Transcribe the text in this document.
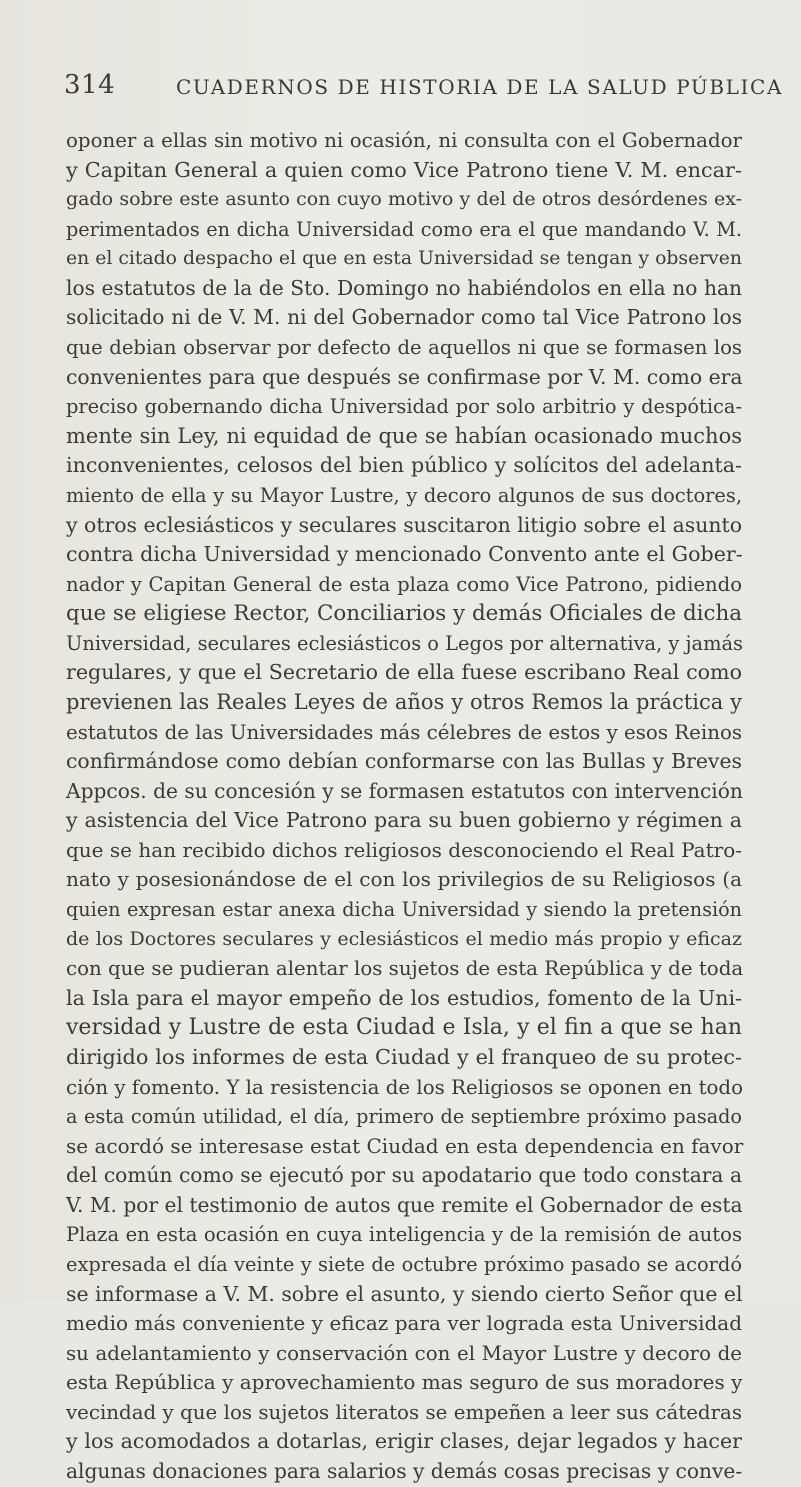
314	CUADERNOS DE HISTORIA DE LA SALUD PÚBLICA
oponer a ellas sin motivo ni ocasión, ni consulta con el Gobernador
y Capitan General a quien como Vice Patrono tiene V. M. encar-
gado sobre este asunto con cuyo motivo y del de otros desórdenes ex-
perimentados en dicha Universidad como era el que mandando V. M.
en el citado despacho el que en esta Universidad se tengan y observen
los estatutos de la de Sto. Domingo no habiéndolos en ella no han
solicitado ni de V. M. ni del Gobernador como tal Vice Patrono los
que debian observar por defecto de aquellos ni que se formasen los
convenientes para que después se confirmase por V. M. como era
preciso gobernando dicha Universidad por solo arbitrio y despótica-
mente sin Ley, ni equidad de que se habían ocasionado muchos
inconvenientes, celosos del bien público y solícitos del adelanta-
miento de ella y su Mayor Lustre, y decoro algunos de sus doctores,
y otros eclesiásticos y seculares suscitaron litigio sobre el asunto
contra dicha Universidad y mencionado Convento ante el Gober-
nador y Capitan General de esta plaza como Vice Patrono, pidiendo
que se eligiese Rector, Conciliarios y demás Oficiales de dicha
Universidad, seculares eclesiásticos o Legos por alternativa, y jamás
regulares, y que el Secretario de ella fuese escribano Real como
previenen las Reales Leyes de años y otros Remos la práctica y
estatutos de las Universidades más célebres de estos y esos Reinos
confirmándose como debían conformarse con las Bullas y Breves
Appcos. de su concesión y se formasen estatutos con intervención
y asistencia del Vice Patrono para su buen gobierno y régimen a
que se han recibido dichos religiosos desconociendo el Real Patro-
nato y posesionándose de el con los privilegios de su Religiosos (a
quien expresan estar anexa dicha Universidad y siendo la pretensión
de los Doctores seculares y eclesiásticos el medio más propio y eficaz
con que se pudieran alentar los sujetos de esta República y de toda
la Isla para el mayor empeño de los estudios, fomento de la Uni-
versidad y Lustre de esta Ciudad e Isla, y el fin a que se han
dirigido los informes de esta Ciudad y el franqueo de su protec-
ción y fomento. Y la resistencia de los Religiosos se oponen en todo
a esta común utilidad, el día, primero de septiembre próximo pasado
se acordó se interesase estat Ciudad en esta dependencia en favor
del común como se ejecutó por su apodatario que todo constara a
V. M. por el testimonio de autos que remite el Gobernador de esta
Plaza en esta ocasión en cuya inteligencia y de la remisión de autos
expresada el día veinte y siete de octubre próximo pasado se acordó
se informase a V. M. sobre el asunto, y siendo cierto Señor que el
medio más conveniente y eficaz para ver lograda esta Universidad
su adelantamiento y conservación con el Mayor Lustre y decoro de
esta República y aprovechamiento mas seguro de sus moradores y
vecindad y que los sujetos literatos se empeñen a leer sus cátedras
y los acomodados a dotarlas, erigir clases, dejar legados y hacer
algunas donaciones para salarios y demás cosas precisas y conve-
